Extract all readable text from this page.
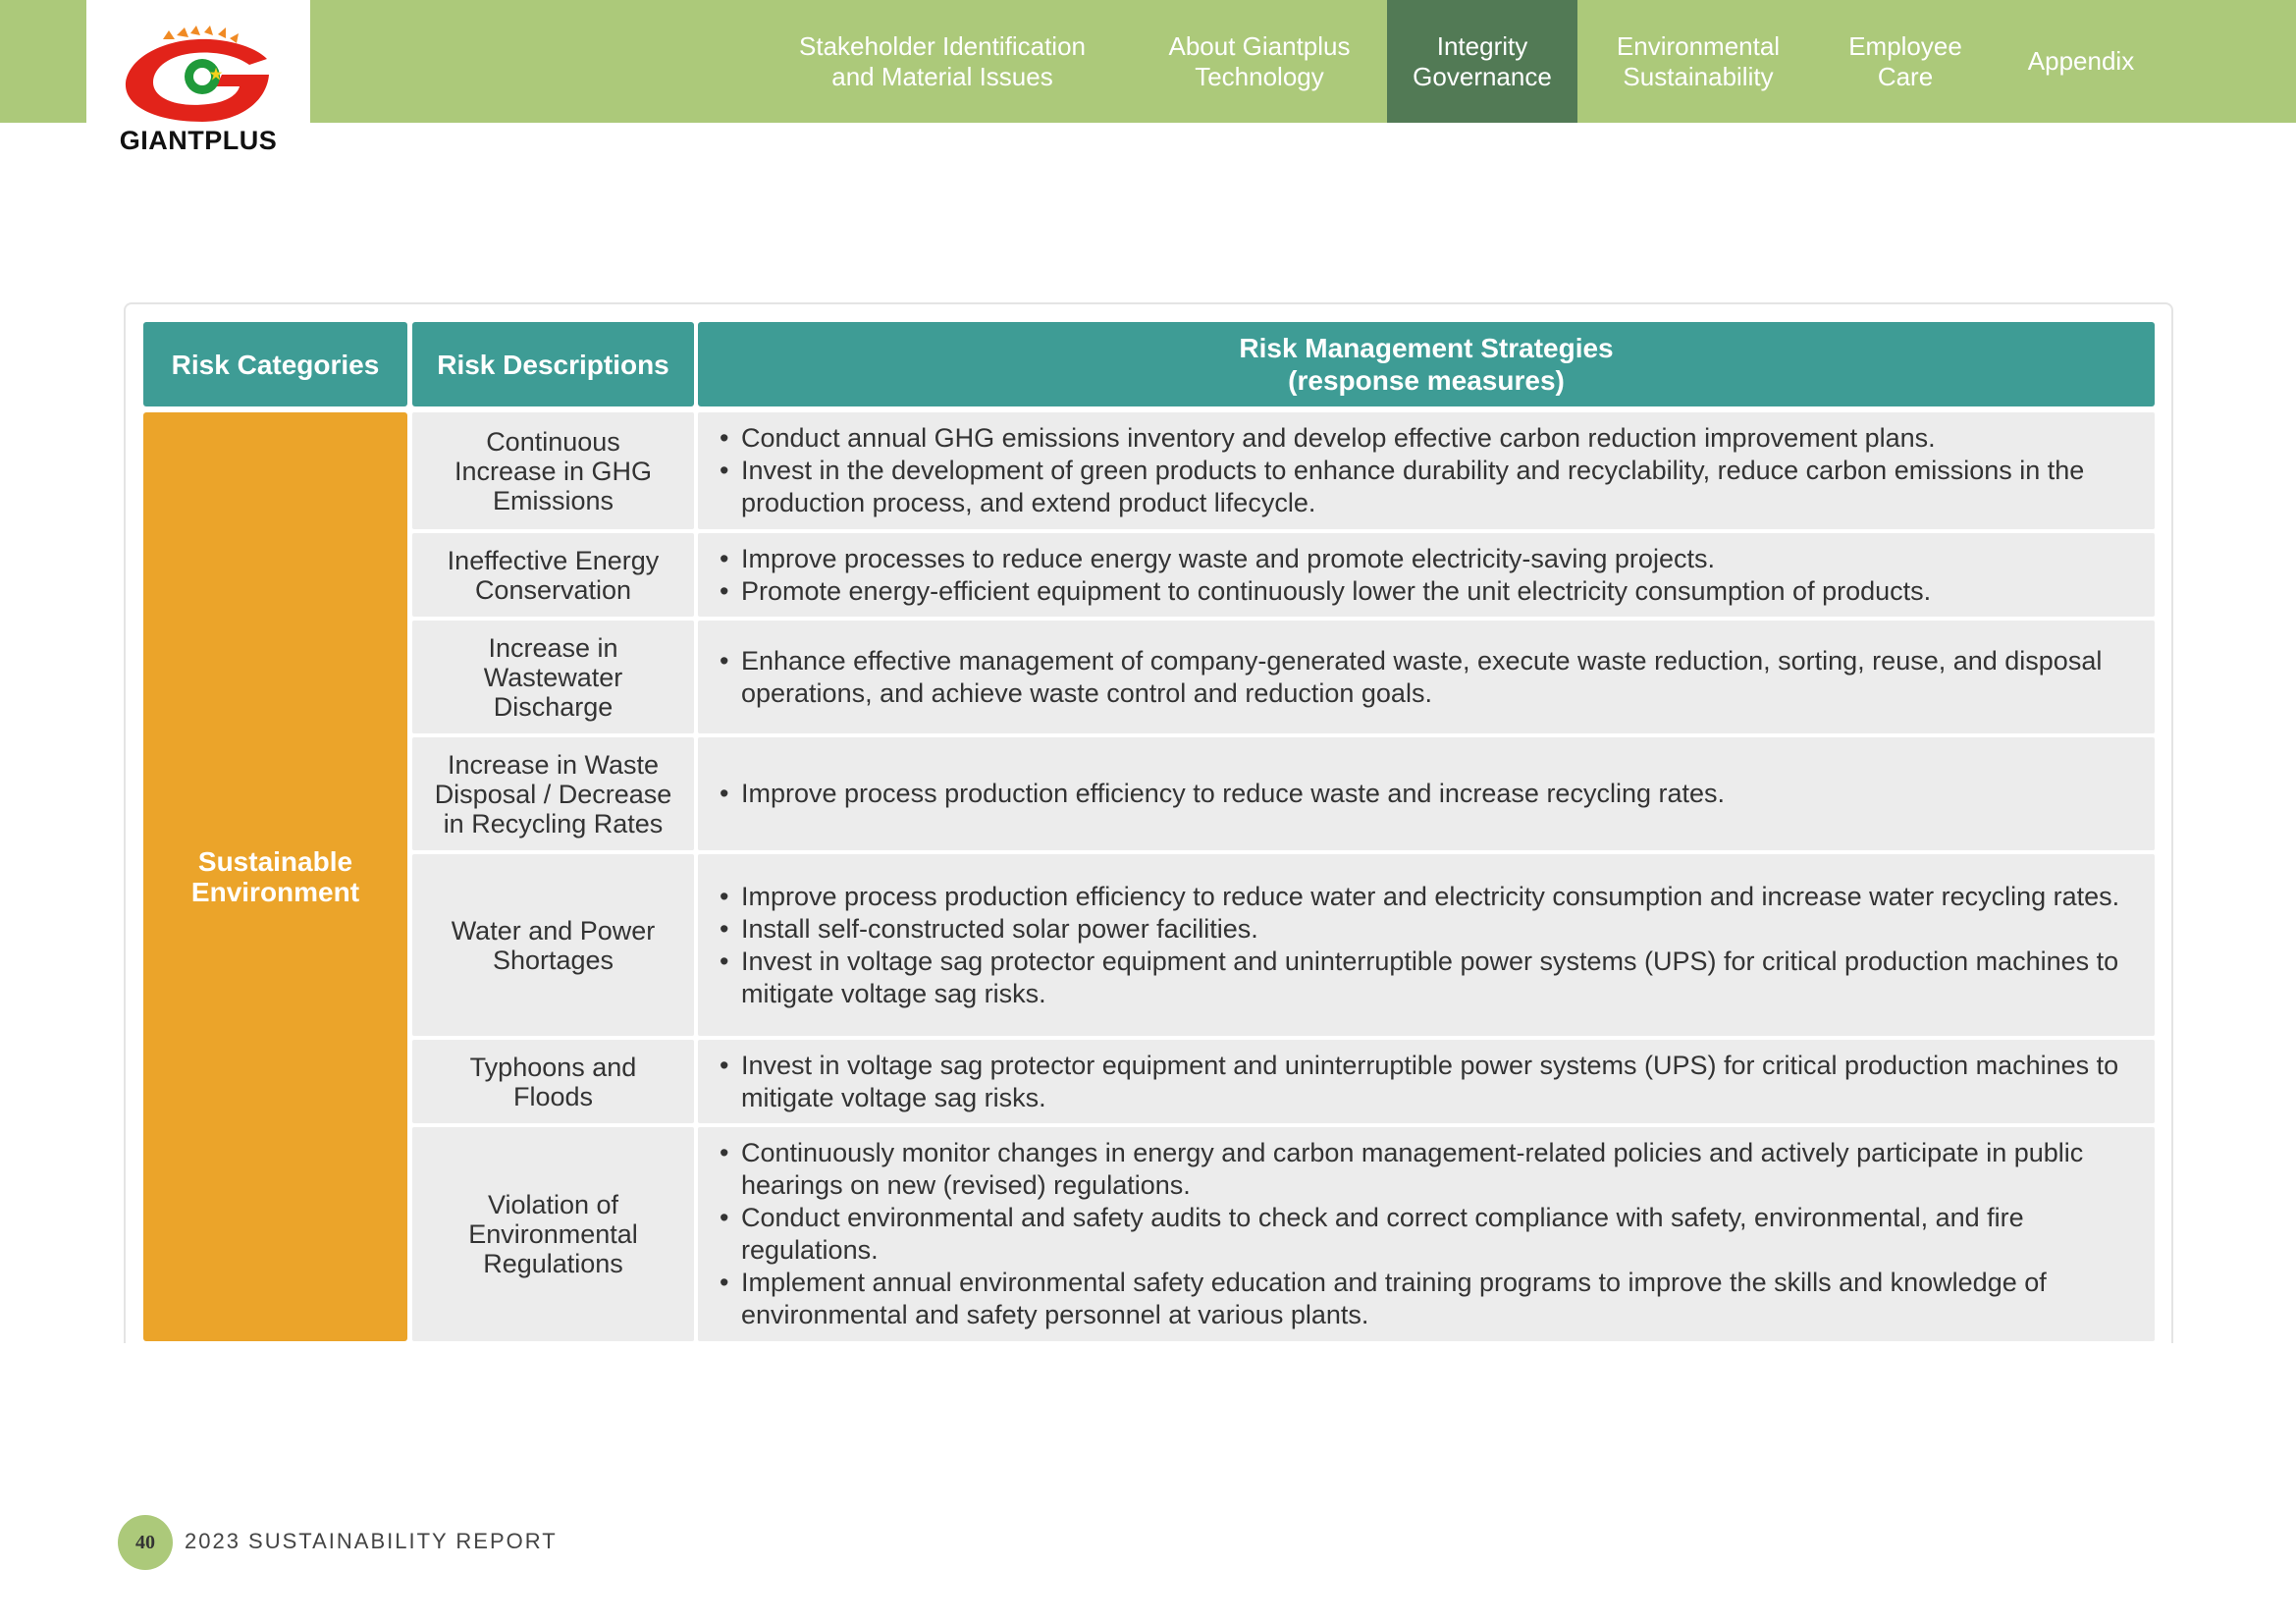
GIANTPLUS
Stakeholder Identification
and Material Issues
About Giantplus
Technology
Integrity
Governance
Environmental
Sustainability
Employee
Care
Appendix
Risk Categories Risk Descriptions
Risk Management Strategies
(response measures)
Sustainable
Environment
Continuous
Increase in GHG
Emissions
• Conduct annual GHG emissions inventory and develop effective carbon reduction improvement plans.
• Invest in the development of green products to enhance durability and recyclability, reduce carbon emissions in the production process, and extend product lifecycle.
Ineffective Energy
Conservation
• Improve processes to reduce energy waste and promote electricity-saving projects.
• Promote energy-efficient equipment to continuously lower the unit electricity consumption of products.
Increase in
Wastewater
Discharge
• Enhance effective management of company-generated waste, execute waste reduction, sorting, reuse, and disposal operations, and achieve waste control and reduction goals.
Increase in Waste
Disposal / Decrease
in Recycling Rates
• Improve process production efficiency to reduce waste and increase recycling rates.
Water and Power
Shortages
• Improve process production efficiency to reduce water and electricity consumption and increase water recycling rates.
• Install self-constructed solar power facilities.
• Invest in voltage sag protector equipment and uninterruptible power systems (UPS) for critical production machines to mitigate voltage sag risks.
Typhoons and
Floods
• Invest in voltage sag protector equipment and uninterruptible power systems (UPS) for critical production machines to mitigate voltage sag risks.
Violation of
Environmental
Regulations
• Continuously monitor changes in energy and carbon management-related policies and actively participate in public hearings on new (revised) regulations.
• Conduct environmental and safety audits to check and correct compliance with safety, environmental, and fire regulations.
• Implement annual environmental safety education and training programs to improve the skills and knowledge of environmental and safety personnel at various plants.
40 2023 SUSTAINABILITY REPORT
